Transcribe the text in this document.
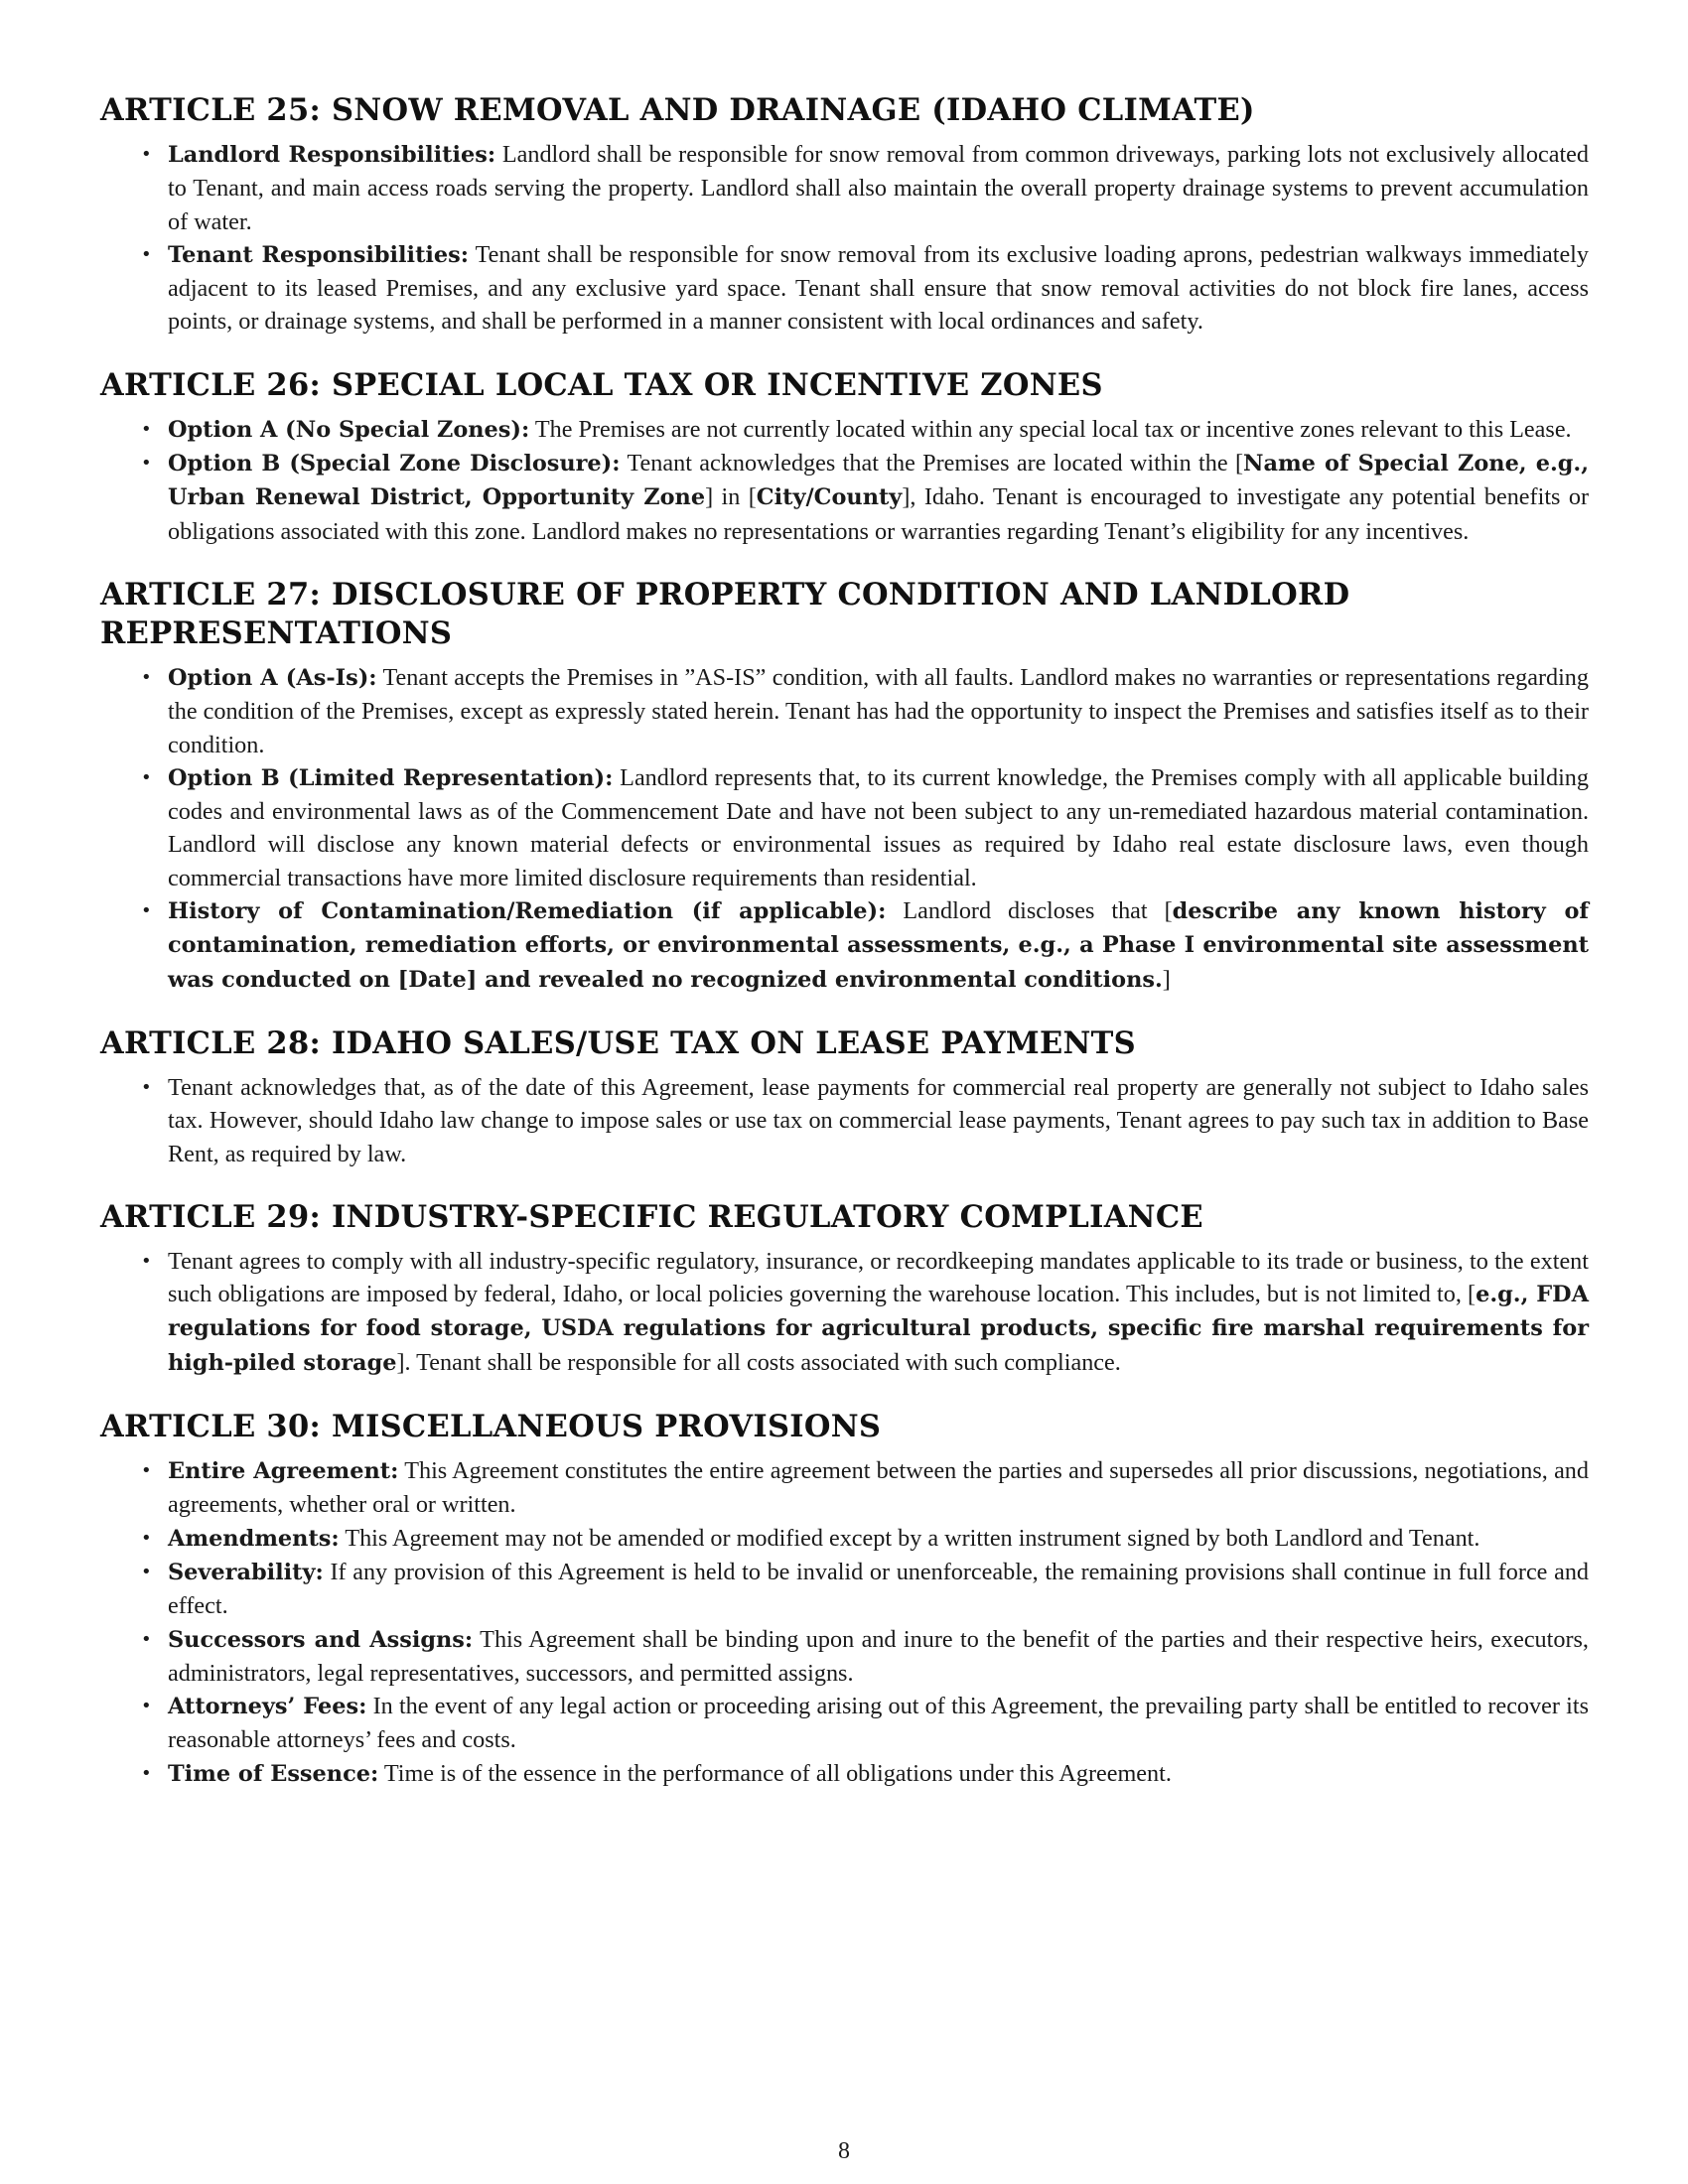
ARTICLE 25: SNOW REMOVAL AND DRAINAGE (IDAHO CLIMATE)
• Landlord Responsibilities: Landlord shall be responsible for snow removal from common driveways, parking lots not exclusively allocated to Tenant, and main access roads serving the property. Landlord shall also maintain the overall property drainage systems to prevent accumulation of water.
• Tenant Responsibilities: Tenant shall be responsible for snow removal from its exclusive loading aprons, pedestrian walkways immediately adjacent to its leased Premises, and any exclusive yard space. Tenant shall ensure that snow removal activities do not block fire lanes, access points, or drainage systems, and shall be performed in a manner consistent with local ordinances and safety.
ARTICLE 26: SPECIAL LOCAL TAX OR INCENTIVE ZONES
• Option A (No Special Zones): The Premises are not currently located within any special local tax or incentive zones relevant to this Lease.
• Option B (Special Zone Disclosure): Tenant acknowledges that the Premises are located within the [Name of Special Zone, e.g., Urban Renewal District, Opportunity Zone] in [City/County], Idaho. Tenant is encouraged to investigate any potential benefits or obligations associated with this zone. Landlord makes no representations or warranties regarding Tenant’s eligibility for any incentives.
ARTICLE 27: DISCLOSURE OF PROPERTY CONDITION AND LANDLORD REPRESENTATIONS
• Option A (As-Is): Tenant accepts the Premises in ”AS-IS” condition, with all faults. Landlord makes no warranties or representations regarding the condition of the Premises, except as expressly stated herein. Tenant has had the opportunity to inspect the Premises and satisfies itself as to their condition.
• Option B (Limited Representation): Landlord represents that, to its current knowledge, the Premises comply with all applicable building codes and environmental laws as of the Commencement Date and have not been subject to any un-remediated hazardous material contamination. Landlord will disclose any known material defects or environmental issues as required by Idaho real estate disclosure laws, even though commercial transactions have more limited disclosure requirements than residential.
• History of Contamination/Remediation (if applicable): Landlord discloses that [describe any known history of contamination, remediation efforts, or environmental assessments, e.g., a Phase I environmental site assessment was conducted on [Date] and revealed no recognized environmental conditions.]
ARTICLE 28: IDAHO SALES/USE TAX ON LEASE PAYMENTS
• Tenant acknowledges that, as of the date of this Agreement, lease payments for commercial real property are generally not subject to Idaho sales tax. However, should Idaho law change to impose sales or use tax on commercial lease payments, Tenant agrees to pay such tax in addition to Base Rent, as required by law.
ARTICLE 29: INDUSTRY-SPECIFIC REGULATORY COMPLIANCE
• Tenant agrees to comply with all industry-specific regulatory, insurance, or recordkeeping mandates applicable to its trade or business, to the extent such obligations are imposed by federal, Idaho, or local policies governing the warehouse location. This includes, but is not limited to, [e.g., FDA regulations for food storage, USDA regulations for agricultural products, specific fire marshal requirements for high-piled storage]. Tenant shall be responsible for all costs associated with such compliance.
ARTICLE 30: MISCELLANEOUS PROVISIONS
• Entire Agreement: This Agreement constitutes the entire agreement between the parties and supersedes all prior discussions, negotiations, and agreements, whether oral or written.
• Amendments: This Agreement may not be amended or modified except by a written instrument signed by both Landlord and Tenant.
• Severability: If any provision of this Agreement is held to be invalid or unenforceable, the remaining provisions shall continue in full force and effect.
• Successors and Assigns: This Agreement shall be binding upon and inure to the benefit of the parties and their respective heirs, executors, administrators, legal representatives, successors, and permitted assigns.
• Attorneys’ Fees: In the event of any legal action or proceeding arising out of this Agreement, the prevailing party shall be entitled to recover its reasonable attorneys’ fees and costs.
• Time of Essence: Time is of the essence in the performance of all obligations under this Agreement.
8
